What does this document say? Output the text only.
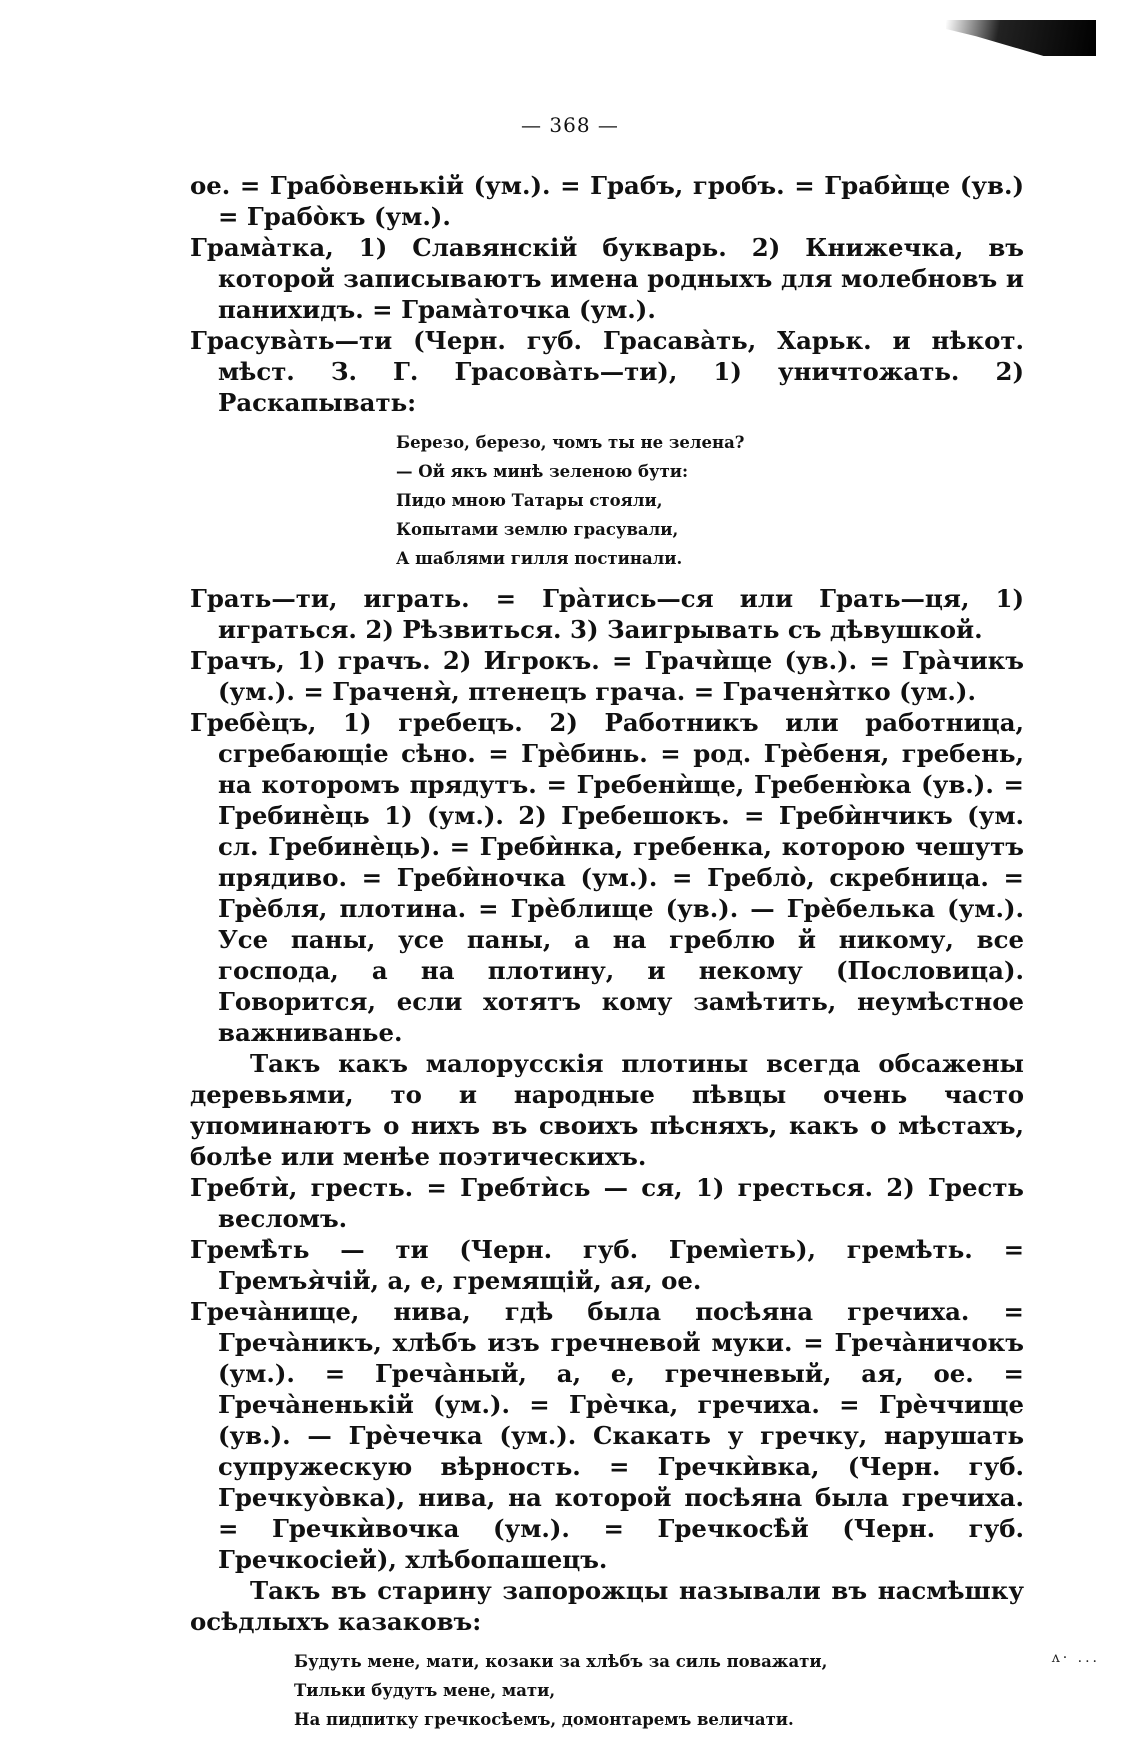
— 368 —

ое. = Грабо̀венькій (ум.). = Грабъ, гробъ. = Грабѝще (ув.) = Грабо̀къ (ум.).

Грама̀тка, 1) Славянскій букварь. 2) Книжечка, въ которой записываютъ имена родныхъ для молебновъ и панихидъ. = Грама̀точка (ум.).

Грасува̀ть—ти (Черн. губ. Грасава̀ть, Харьк. и нѣкот. мѣст. З. Г. Грасова̀ть—ти), 1) уничтожать. 2) Раскапывать:

Березо, березо, чомъ ты не зелена?
— Ой якъ минѣ зеленою бути:
Пидо мною Татары стояли,
Копытами землю грасували,
А шаблями гилля постинали.

Грать—ти, играть. = Гра̀тись—ся или Грать—ця, 1) играться. 2) Рѣзвиться. 3) Заигрывать съ дѣвушкой.

Грачъ, 1) грачъ. 2) Игрокъ. = Грачѝще (ув.). = Гра̀чикъ (ум.). = Граченя̀, птенецъ грача. = Граченя̀тко (ум.).

Гребѐцъ, 1) гребецъ. 2) Работникъ или работница, сгребающіе сѣно. = Грѐбинь. = род. Грѐбеня, гребень, на которомъ прядутъ. = Гребенѝще, Гребеню̀ка (ув.). = Гребинѐць 1) (ум.). 2) Гребешокъ. = Гребѝнчикъ (ум. сл. Гребинѐць). = Гребѝнка, гребенка, которою чешутъ прядиво. = Гребѝночка (ум.). = Гребло̀, скребница. = Грѐбля, плотина. = Грѐблище (ув.). — Грѐбелька (ум.). Усе паны, усе паны, а на греблю й никому, все господа, а на плотину, и некому (Пословица). Говорится, если хотятъ кому замѣтить, неумѣстное важниванье.

Такъ какъ малорусскія плотины всегда обсажены деревьями, то и народные пѣвцы очень часто упоминаютъ о нихъ въ своихъ пѣсняхъ, какъ о мѣстахъ, болѣе или менѣе поэтическихъ.

Гребтѝ, гресть. = Гребтѝсь — ся, 1) гресться. 2) Гресть весломъ.

Гремѣ̀ть — ти (Черн. губ. Гремі̀еть), гремѣть. = Гремъя̀чій, а, е, гремящій, ая, ое.

Греча̀нище, нива, гдѣ была посѣяна гречиха. = Греча̀никъ, хлѣбъ изъ гречневой муки. = Греча̀ничокъ (ум.). = Греча̀ный, а, е, гречневый, ая, ое. = Греча̀ненькій (ум.). = Грѐчка, гречиха. = Грѐччище (ув.). — Грѐчечка (ум.). Скакать у гречку, нарушать супружескую вѣрность. = Гречкѝвка, (Черн. губ. Гречкуо̀вка), нива, на которой посѣяна была гречиха. = Гречкѝвочка (ум.). = Гречкосѣ̀й (Черн. губ. Гречкосіей), хлѣбопашецъ.

Такъ въ старину запорожцы называли въ насмѣшку осѣдлыхъ казаковъ:

Будуть мене, мати, козаки за хлѣбъ за силь поважати,
Тильки будутъ мене, мати,
На пидпитку гречкосѣемъ, домонтаремъ величати.
ᴧ· ...
